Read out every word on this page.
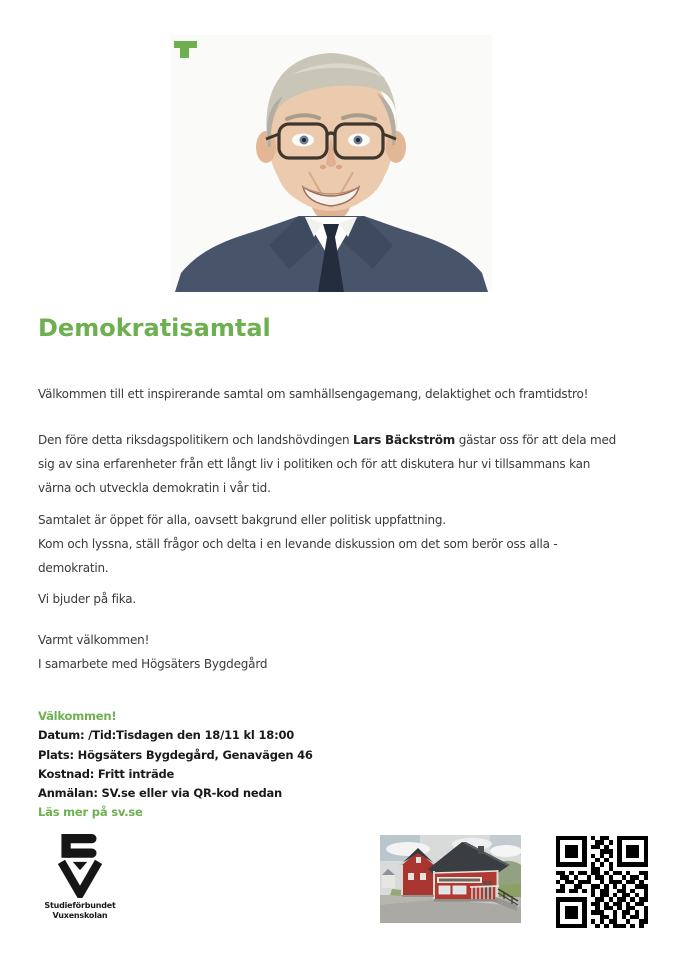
Demokratisamtal
Välkommen till ett inspirerande samtal om samhällsengagemang, delaktighet och framtidstro!
Den före detta riksdagspolitikern och landshövdingen Lars Bäckström gästar oss för att dela med
sig av sina erfarenheter från ett långt liv i politiken och för att diskutera hur vi tillsammans kan
värna och utveckla demokratin i vår tid.
Samtalet är öppet för alla, oavsett bakgrund eller politisk uppfattning.
Kom och lyssna, ställ frågor och delta i en levande diskussion om det som berör oss alla -
demokratin.
Vi bjuder på fika.
Varmt välkommen!
I samarbete med Högsäters Bygdegård
Välkommen!
Datum: /Tid:Tisdagen den 18/11 kl 18:00
Plats: Högsäters Bygdegård, Genavägen 46
Kostnad: Fritt inträde
Anmälan: SV.se eller via QR-kod nedan
Läs mer på sv.se
Studieförbundet
Vuxenskolan
